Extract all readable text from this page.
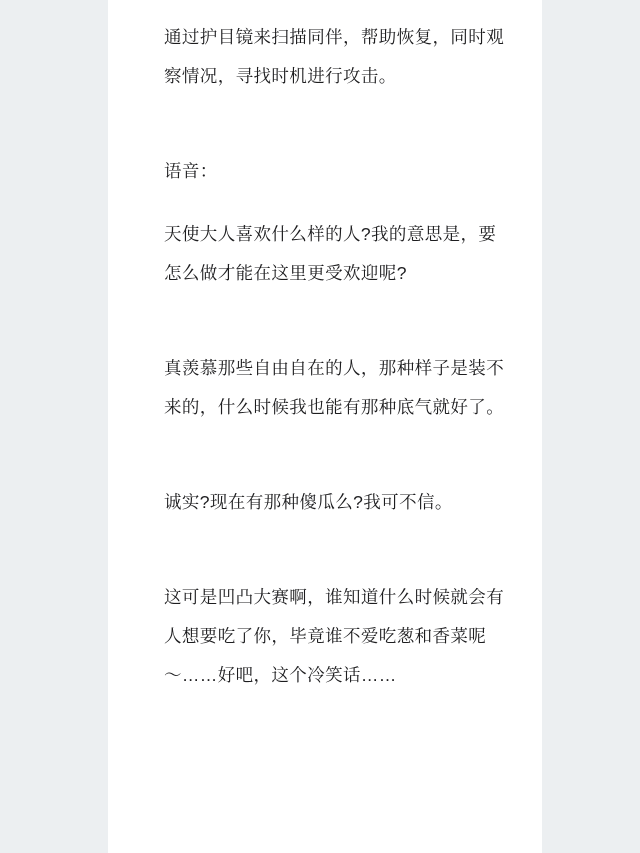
通过护目镜来扫描同伴，帮助恢复，同时观察情况，寻找时机进行攻击。

语音：

天使大人喜欢什么样的人?我的意思是，要怎么做才能在这里更受欢迎呢?

真羡慕那些自由自在的人，那种样子是装不来的，什么时候我也能有那种底气就好了。

诚实?现在有那种傻瓜么?我可不信。

这可是凹凸大赛啊，谁知道什么时候就会有人想要吃了你，毕竟谁不爱吃葱和香菜呢～……好吧，这个冷笑话……
